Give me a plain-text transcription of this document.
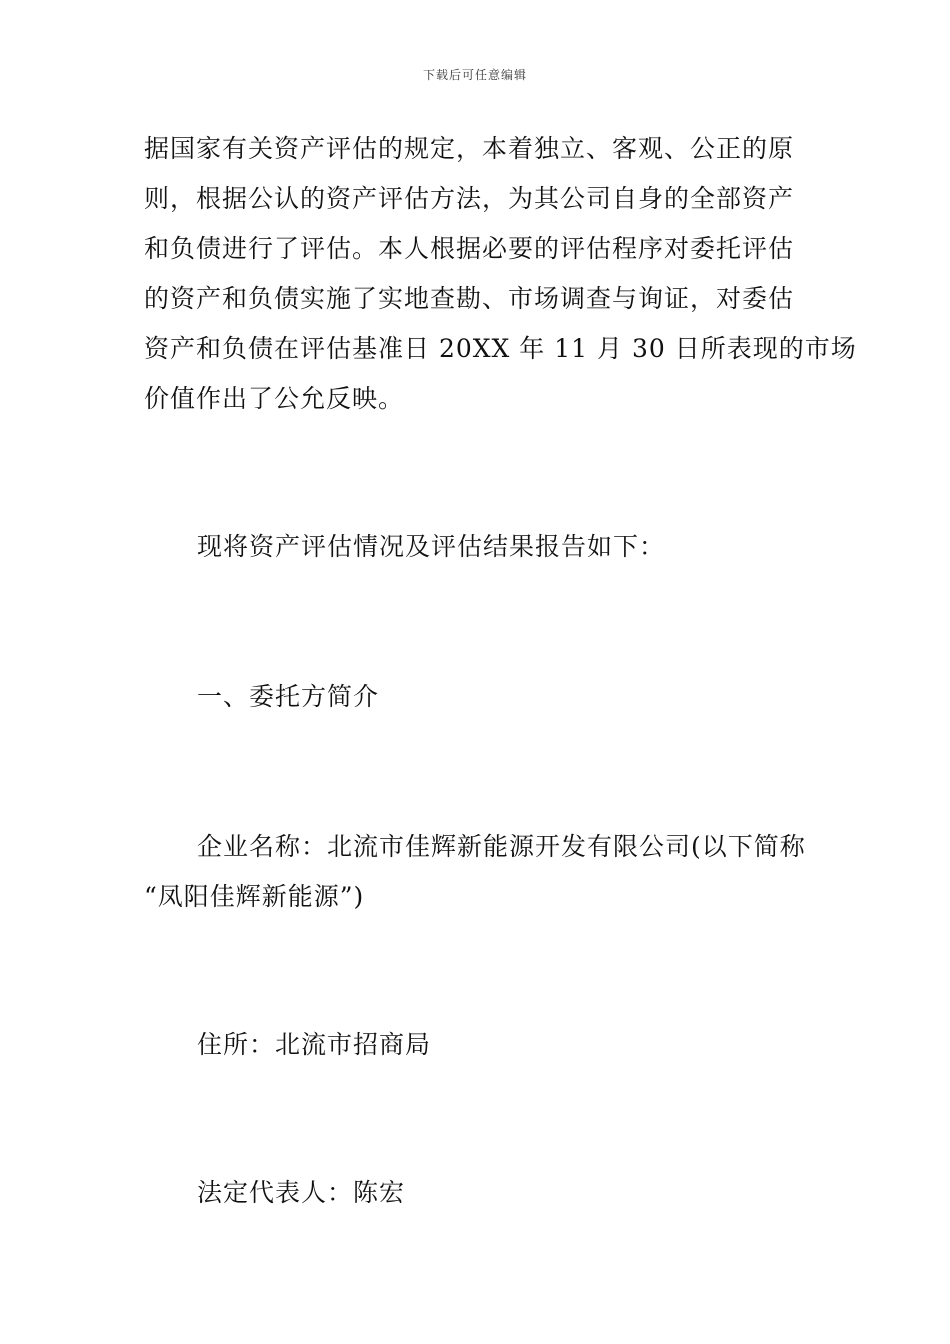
下载后可任意编辑
据国家有关资产评估的规定，本着独立、客观、公正的原
则，根据公认的资产评估方法，为其公司自身的全部资产
和负债进行了评估。本人根据必要的评估程序对委托评估
的资产和负债实施了实地查勘、市场调查与询证，对委估
资产和负债在评估基准日 20XX 年 11 月 30 日所表现的市场
价值作出了公允反映。
现将资产评估情况及评估结果报告如下：
一、委托方简介
企业名称：北流市佳辉新能源开发有限公司(以下简称
“凤阳佳辉新能源”)
住所：北流市招商局
法定代表人：陈宏
